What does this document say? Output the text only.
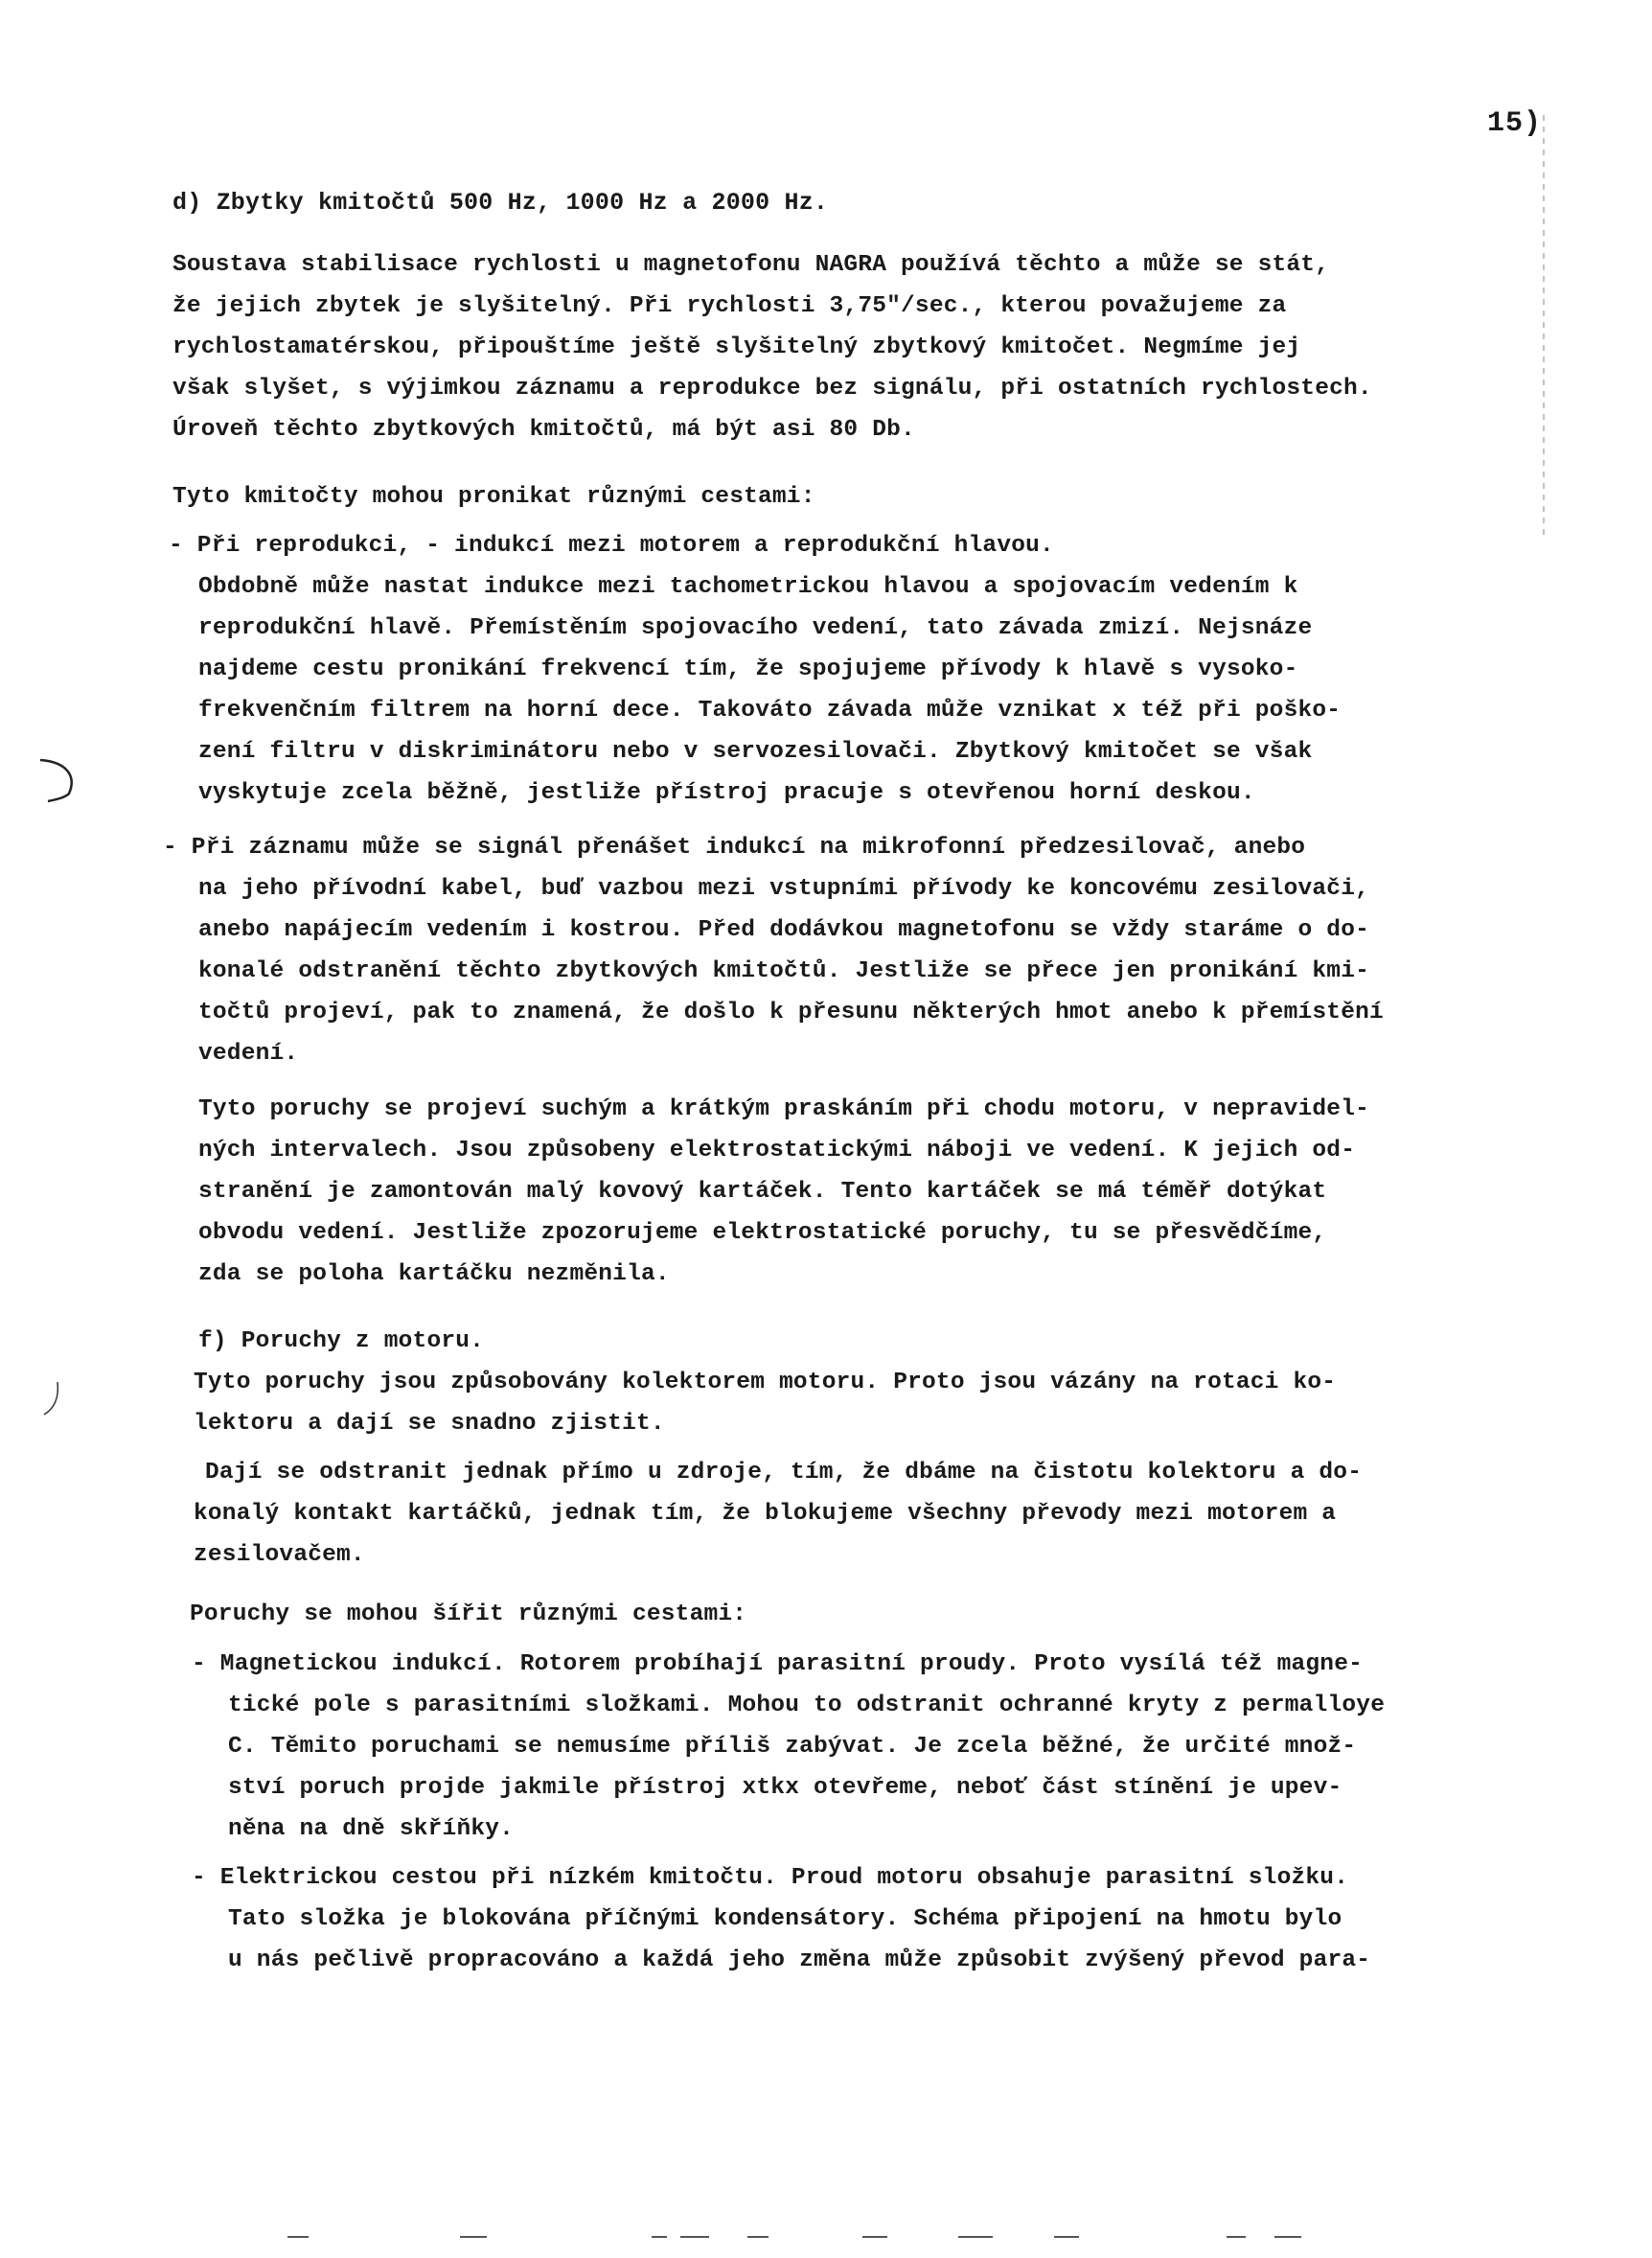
15)
d) Zbytky kmitočtů 500 Hz, 1000 Hz a 2000 Hz.
Soustava stabilisace rychlosti u magnetofonu NAGRA používá těchto a může se stát,
že jejich zbytek je slyšitelný. Při rychlosti 3,75"/sec., kterou považujeme za
rychlostamatérskou, připouštíme ještě slyšitelný zbytkový kmitočet. Negmíme jej
však slyšet, s výjimkou záznamu a reprodukce bez signálu, při ostatních rychlostech.
Úroveň těchto zbytkových kmitočtů, má být asi 80 Db.
Tyto kmitočty mohou pronikat různými cestami:
- Při reprodukci, - indukcí mezi motorem a reprodukční hlavou.
Obdobně může nastat indukce mezi tachometrickou hlavou a spojovacím vedením k
reprodukční hlavě. Přemístěním spojovacího vedení, tato závada zmizí. Nejsnáze
najdeme cestu pronikání frekvencí tím, že spojujeme přívody k hlavě s vysoko-
frekvenčním filtrem na horní dece. Takováto závada může vznikat x též při poško-
zení filtru v diskriminátoru nebo v servozesilovači. Zbytkový kmitočet se však
vyskytuje zcela běžně, jestliže přístroj pracuje s otevřenou horní deskou.
- Při záznamu může se signál přenášet indukcí na mikrofonní předzesilovač, anebo
na jeho přívodní kabel, buď vazbou mezi vstupními přívody ke koncovému zesilovači,
anebo napájecím vedením i kostrou. Před dodávkou magnetofonu se vždy staráme o do-
konalé odstranění těchto zbytkových kmitočtů. Jestliže se přece jen pronikání kmi-
točtů projeví, pak to znamená, že došlo k přesunu některých hmot anebo k přemístění
vedení.
Tyto poruchy se projeví suchým a krátkým praskáním při chodu motoru, v nepravidel-
ných intervalech. Jsou způsobeny elektrostatickými náboji ve vedení. K jejich od-
stranění je zamontován malý kovový kartáček. Tento kartáček se má téměř dotýkat
obvodu vedení. Jestliže zpozorujeme elektrostatické poruchy, tu se přesvědčíme,
zda se poloha kartáčku nezměnila.
f) Poruchy z motoru.
Tyto poruchy jsou způsobovány kolektorem motoru. Proto jsou vázány na rotaci ko-
lektoru a dají se snadno zjistit.
Dají se odstranit jednak přímo u zdroje, tím, že dbáme na čistotu kolektoru a do-
konalý kontakt kartáčků, jednak tím, že blokujeme všechny převody mezi motorem a
zesilovačem.
Poruchy se mohou šířit různými cestami:
- Magnetickou indukcí. Rotorem probíhají parasitní proudy. Proto vysílá též magne-
tické pole s parasitními složkami. Mohou to odstranit ochranné kryty z permalloye
C. Těmito poruchami se nemusíme příliš zabývat. Je zcela běžné, že určité množ-
ství poruch projde jakmile přístroj xtkx otevřeme, neboť část stínění je upev-
něna na dně skříňky.
- Elektrickou cestou při nízkém kmitočtu. Proud motoru obsahuje parasitní složku.
Tato složka je blokována příčnými kondensátory. Schéma připojení na hmotu bylo
u nás pečlivě propracováno a každá jeho změna může způsobit zvýšený převod para-
